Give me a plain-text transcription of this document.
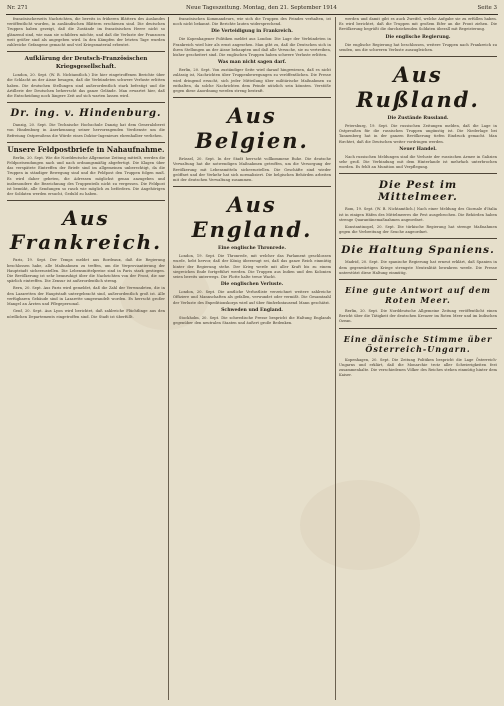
Nr. 271	Neue Tageszeitung. Montag, den 21. September 1914	Seite 3

französischerseits Nachrichten, die bereits in früheren Blättern des Auslandes veröffentlicht wurden, in ausländischen Blättern erschienen sind. Die deutschen Truppen haben gezeigt, daß die Zustände im französischen Heere nicht so glänzend sind, wie man sie schildern möchte, und daß die Verluste der Franzosen weit größer sind als angegeben wird. In den Kämpfen der letzten Tage wurden zahlreiche Gefangene gemacht und viel Kriegsmaterial erbeutet.

Aufklärung der Deutsch-Französischen Kriegsgesellschaft.

London, 20. Sept. (W. B. Nichtamtlich.) Die hier eingetroffenen Berichte über die Schlacht an der Aisne besagen, daß die Verbündeten schwere Verluste erlitten haben. Die deutschen Stellungen sind außerordentlich stark befestigt und die Artillerie der Deutschen beherrscht das ganze Gelände. Man erwartet hier, daß die Entscheidung noch längere Zeit auf sich warten lassen wird.

Dr. ing. v. Hindenburg.

Danzig, 20. Sept. Die Technische Hochschule Danzig hat dem Generaloberst von Hindenburg in Anerkennung seiner hervorragenden Verdienste um die Befreiung Ostpreußens die Würde eines Doktor-Ingenieurs ehrenhalber verliehen.

Unsere Feldpostbriefe in Nahaufnahme.

Berlin, 20. Sept. Wie die Norddeutsche Allgemeine Zeitung mitteilt, werden die Feldpostsendungen nach und nach ordnungsmäßig abgefertigt. Die Klagen über das verspätete Eintreffen der Briefe sind im allgemeinen unberechtigt, da die Truppen in ständiger Bewegung sind und die Feldpost den Truppen folgen muß. Es wird daher gebeten, die Adressen möglichst genau anzugeben und insbesondere die Bezeichnung des Truppenteils nicht zu vergessen. Die Feldpost ist bemüht, alle Sendungen so rasch wie möglich zu befördern. Die Angehörigen der Soldaten werden ersucht, Geduld zu haben.

Aus Frankreich.

Paris, 19. Sept. Der Temps meldet aus Bordeaux, daß die Regierung beschlossen habe, alle Maßnahmen zu treffen, um die Verproviantierung der Hauptstadt sicherzustellen. Die Lebensmittelpreise sind in Paris stark gestiegen. Die Bevölkerung ist sehr beunruhigt über die Nachrichten von der Front, die nur spärlich eintreffen. Die Zensur ist außerordentlich streng.

Bern, 20. Sept. Aus Paris wird gemeldet, daß die Zahl der Verwundeten, die in den Lazaretten der Hauptstadt untergebracht sind, außerordentlich groß ist. Alle verfügbaren Gebäude sind in Lazarette umgewandelt worden. Es herrscht großer Mangel an Ärzten und Pflegepersonal.

Genf, 20. Sept. Aus Lyon wird berichtet, daß zahlreiche Flüchtlinge aus den nördlichen Departements eingetroffen sind. Die Stadt ist überfüllt.

französischen Kommandeurs, wie sich die Truppen des Feindes verhalten, ist noch nicht bekannt. Die Berichte lauten widersprechend.

Die Verteidigung in Frankreich.

Die Kopenhagener Politiken meldet aus London: Die Lage der Verbündeten in Frankreich wird hier als ernst angesehen. Man gibt zu, daß die Deutschen sich in ihren Stellungen an der Aisne behaupten und daß alle Versuche, sie zu vertreiben, bisher gescheitert sind. Die englischen Truppen haben schwere Verluste erlitten.

Was man nicht sagen darf.

Berlin, 20. Sept. Von zuständiger Seite wird darauf hingewiesen, daß es nicht zulässig ist, Nachrichten über Truppenbewegungen zu veröffentlichen. Die Presse wird dringend ersucht, sich jeder Mitteilung über militärische Maßnahmen zu enthalten, da solche Nachrichten dem Feinde nützlich sein könnten. Verstöße gegen diese Anordnung werden streng bestraft.

Aus Belgien.

Brüssel, 20. Sept. In der Stadt herrscht vollkommene Ruhe. Die deutsche Verwaltung hat die notwendigen Maßnahmen getroffen, um die Versorgung der Bevölkerung mit Lebensmitteln sicherzustellen. Die Geschäfte sind wieder geöffnet und der Verkehr hat sich normalisiert. Die belgischen Behörden arbeiten mit der deutschen Verwaltung zusammen.

Aus England.
Eine englische Thronrede.

London, 19. Sept. Die Thronrede, mit welcher das Parlament geschlossen wurde, hebt hervor, daß der König überzeugt sei, daß das ganze Reich einmütig hinter der Regierung stehe. Der Krieg werde mit aller Kraft bis zu einem siegreichen Ende fortgeführt werden. Die Truppen aus Indien und den Kolonien seien bereits unterwegs. Die Flotte halte treue Wacht.

Die englischen Verluste.

London, 20. Sept. Die amtliche Verlustliste verzeichnet weitere zahlreiche Offiziere und Mannschaften als gefallen, verwundet oder vermißt. Die Gesamtzahl der Verluste des Expeditionskorps wird auf über fünfzehntausend Mann geschätzt.

Schweden und England.

Stockholm, 20. Sept. Die schwedische Presse bespricht die Haltung Englands gegenüber den neutralen Staaten und äußert große Bedenken.

werden und damit gibt es auch Zweifel, welche Aufgabe sie zu erfüllen haben. Es wird berichtet, daß die Truppen mit großem Eifer an die Front ziehen. Die Bevölkerung begrüßt die durchziehenden Soldaten überall mit Begeisterung.

Die englische Regierung.

Die englische Regierung hat beschlossen, weitere Truppen nach Frankreich zu senden, um die schweren Verluste auszugleichen.

Aus Rußland.
Die Zustände Russland.

Petersburg, 19. Sept. Die russischen Zeitungen melden, daß die Lage in Ostpreußen für die russischen Truppen ungünstig ist. Die Niederlage bei Tannenberg hat in der ganzen Bevölkerung tiefen Eindruck gemacht. Man fürchtet, daß die Deutschen weiter vordringen werden.

Neuer Handel.

Nach russischen Meldungen sind die Verluste der russischen Armee in Galizien sehr groß. Die Verbindung mit dem Hinterlande ist mehrfach unterbrochen worden. Es fehlt an Munition und Verpflegung.

Die Pest im Mittelmeer.

Rom, 19. Sept. (W. B. Nichtamtlich.) Nach einer Meldung des Giornale d'Italia ist in einigen Häfen des Mittelmeeres die Pest ausgebrochen. Die Behörden haben strenge Quarantänemaßnahmen angeordnet.

Konstantinopel, 20. Sept. Die türkische Regierung hat strenge Maßnahmen gegen die Verbreitung der Seuche angeordnet.

Die Haltung Spaniens.

Madrid, 20. Sept. Die spanische Regierung hat erneut erklärt, daß Spanien in dem gegenwärtigen Kriege strengste Neutralität bewahren werde. Die Presse unterstützt diese Haltung einmütig.

Eine gute Antwort auf dem Roten Meer.

Berlin, 20. Sept. Die Norddeutsche Allgemeine Zeitung veröffentlicht einen Bericht über die Tätigkeit der deutschen Kreuzer im Roten Meer und im Indischen Ozean.

Eine dänische Stimme über Österreich-Ungarn.

Kopenhagen, 20. Sept. Die Zeitung Politiken bespricht die Lage Österreich-Ungarns und erklärt, daß die Monarchie trotz aller Schwierigkeiten fest zusammenhalte. Die verschiedenen Völker des Reiches stehen einmütig hinter dem Kaiser.
